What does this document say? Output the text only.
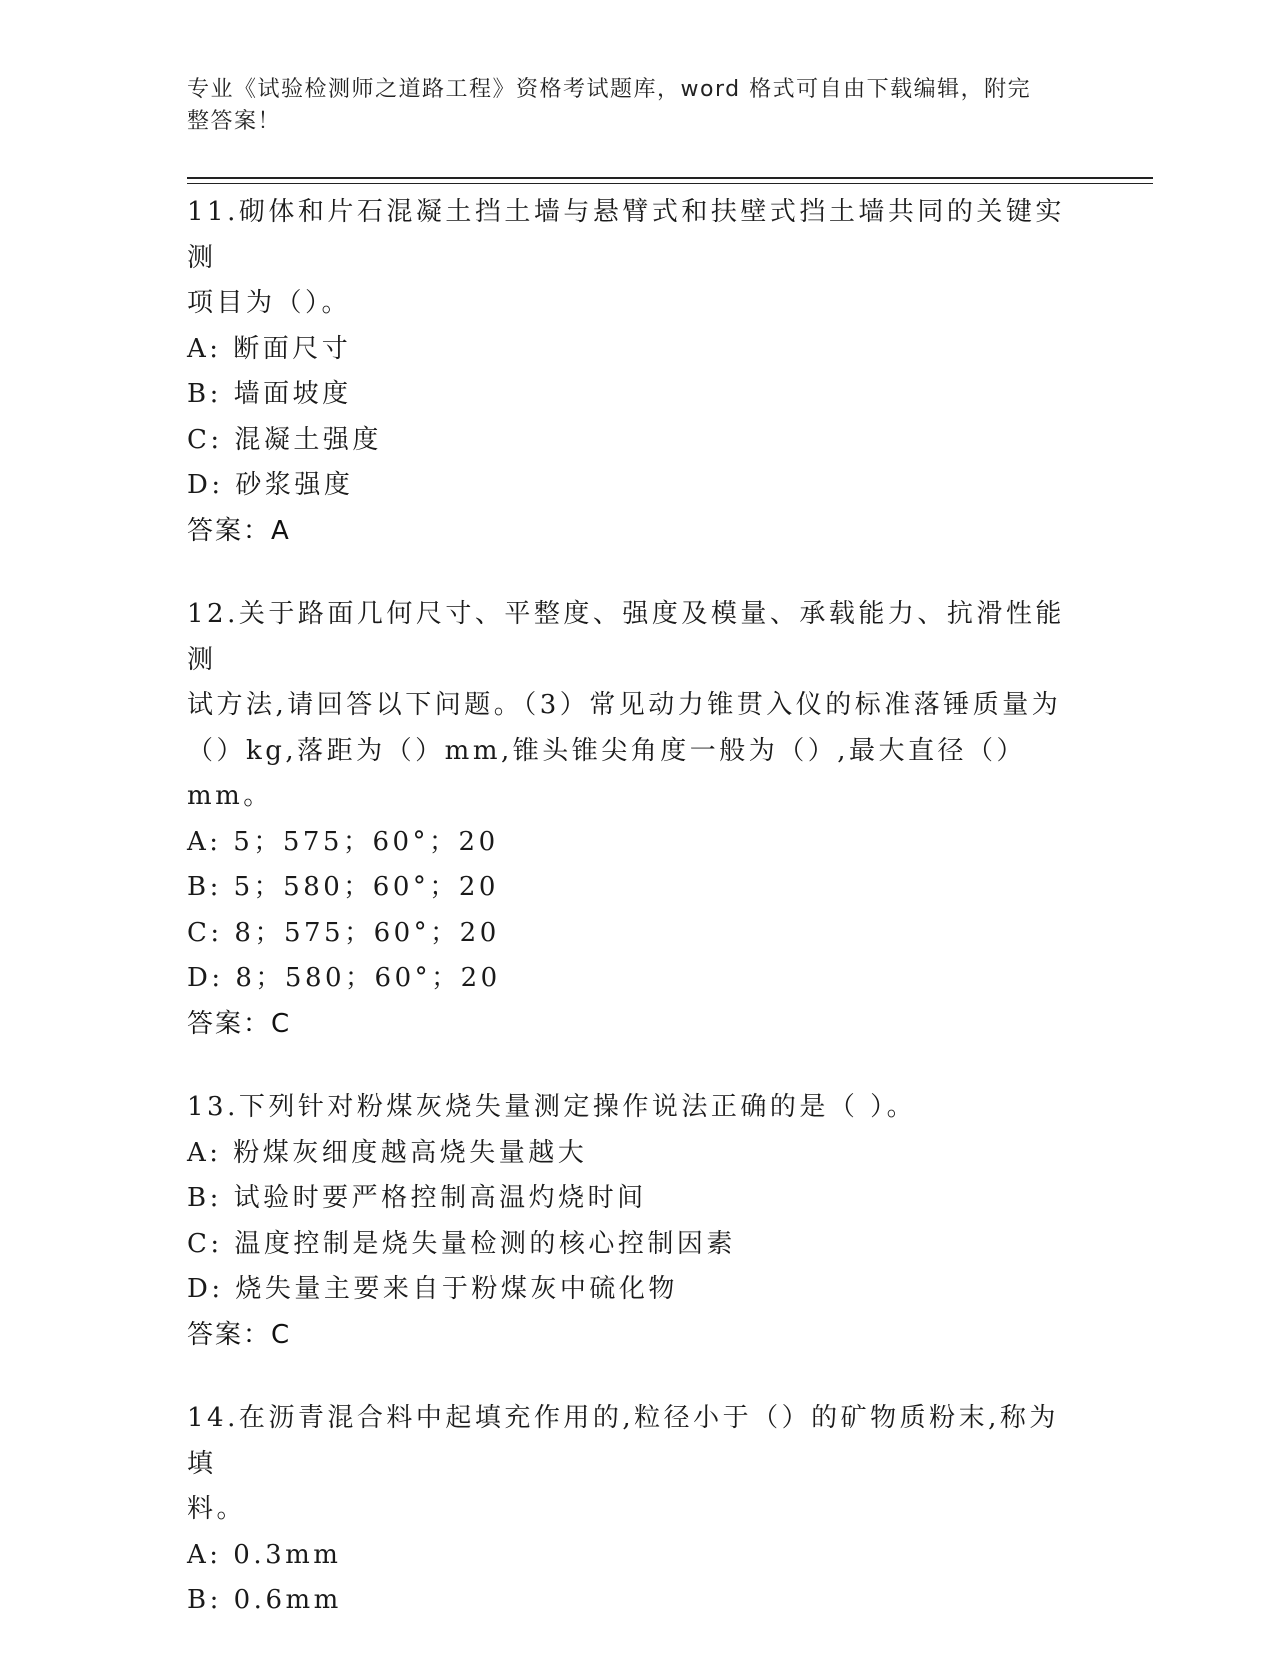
专业《试验检测师之道路工程》资格考试题库，word 格式可自由下载编辑，附完
整答案！
11.砌体和片石混凝土挡土墙与悬臂式和扶壁式挡土墙共同的关键实测
项目为（）。
A: 断面尺寸
B: 墙面坡度
C: 混凝土强度
D: 砂浆强度
答案：A
12.关于路面几何尺寸、平整度、强度及模量、承载能力、抗滑性能测
试方法,请回答以下问题。（3）常见动力锥贯入仪的标准落锤质量为
（）kg,落距为（）mm,锥头锥尖角度一般为（）,最大直径（）mm。
A: 5；575；60°；20
B: 5；580；60°；20
C: 8；575；60°；20
D: 8；580；60°；20
答案：C
13.下列针对粉煤灰烧失量测定操作说法正确的是（ ）。
A: 粉煤灰细度越高烧失量越大
B: 试验时要严格控制高温灼烧时间
C: 温度控制是烧失量检测的核心控制因素
D: 烧失量主要来自于粉煤灰中硫化物
答案：C
14.在沥青混合料中起填充作用的,粒径小于（）的矿物质粉末,称为填
料。
A: 0.3mm
B: 0.6mm
